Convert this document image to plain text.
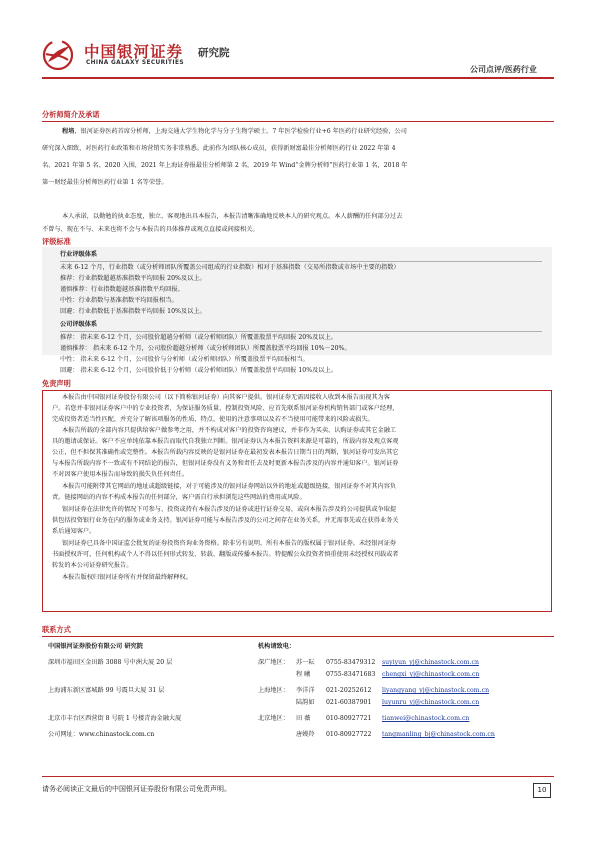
中国银河证券
CHINA GALAXY SECURITIES
研究院
公司点评/医药行业
分析师简介及承诺
程培，银河证券医药首席分析师，上海交通大学生物化学与分子生物学硕士。7 年医学检验行业+6 年医药行业研究经验，公司
研究深入细致，对医药行业政策和市场营销实务非常熟悉。此前作为团队核心成员，获得新财富最佳分析师医药行业 2022 年第 4
名、2021 年第 5 名、2020 入围，2021 年上海证券报最佳分析师第 2 名，2019 年 Wind“金牌分析师”医药行业第 1 名，2018 年
第一财经最佳分析师医药行业第 1 名等荣誉。
本人承诺，以勤勉的执业态度，独立、客观地出具本报告，本报告清晰准确地反映本人的研究观点。本人薪酬的任何部分过去
不曾与、现在不与、未来也将不会与本报告的具体推荐或观点直接或间接相关。
评级标准
行业评级体系
未来 6-12 个月，行业指数（或分析师团队所覆盖公司组成的行业指数）相对于基准指数（交易所指数或市场中主要的指数）
推荐：行业指数超越基准指数平均回报 20%及以上。
谨慎推荐：行业指数超越基准指数平均回报。
中性：行业指数与基准指数平均回报相当。
回避：行业指数低于基准指数平均回报 10%及以上。
公司评级体系
推荐： 指未来 6-12 个月，公司股价超越分析师（或分析师团队）所覆盖股票平均回报 20%及以上。
谨慎推荐： 指未来 6-12 个月，公司股价超越分析师（或分析师团队）所覆盖股票平均回报 10%－20%。
中性： 指未来 6-12 个月，公司股价与分析师（或分析师团队）所覆盖股票平均回报相当。
回避： 指未来 6-12 个月，公司股价低于分析师（或分析师团队）所覆盖股票平均回报 10%及以上。
免责声明
本报告由中国银河证券股份有限公司（以下简称银河证券）向其客户提供。银河证券无需因接收人收到本报告而视其为客
户。若您并非银河证券客户中的专业投资者，为保证服务质量、控制投资风险、应首先联系银河证券机构销售部门或客户经理，
完成投资者适当性匹配，并充分了解该项服务的性质、特点、使用的注意事项以及若不当使用可能带来的风险或损失。
本报告所载的全部内容只提供给客户做参考之用，并不构成对客户的投资咨询建议，并非作为买卖、认购证券或其它金融工
具的邀请或保证。客户不应单纯依靠本报告而取代自我独立判断。银河证券认为本报告资料来源是可靠的，所载内容及观点客观
公正，但不担保其准确性或完整性。本报告所载内容反映的是银河证券在最初发表本报告日期当日的判断，银河证券可发出其它
与本报告所载内容不一致或有不同结论的报告，但银河证券没有义务和责任去及时更新本报告涉及的内容并通知客户。银河证券
不对因客户使用本报告而导致的损失负任何责任。
本报告可能附带其它网站的地址或超级链接，对于可能涉及的银河证券网站以外的地址或超级链接，银河证券不对其内容负
责。链接网站的内容不构成本报告的任何部分，客户需自行承担浏览这些网站的费用或风险。
银河证券在法律允许的情况下可参与、投资或持有本报告涉及的证券或进行证券交易，或向本报告涉及的公司提供或争取提
供包括投资银行业务在内的服务或业务支持。银河证券可能与本报告涉及的公司之间存在业务关系，并无需事先或在获得业务关
系后通知客户。
银河证券已具备中国证监会批复的证券投资咨询业务资格。除非另有说明，所有本报告的版权属于银河证券。未经银河证券
书面授权许可，任何机构或个人不得以任何形式转发、转载、翻版或传播本报告。特提醒公众投资者慎重使用未经授权刊载或者
转发的本公司证券研究报告。
本报告版权归银河证券所有并保留最终解释权。
联系方式
中国银河证券股份有限公司 研究院	机构请致电：
深圳市福田区金田路 3088 号中洲大厦 20 层
上海浦东新区富城路 99 号震旦大厦 31 层
北京市丰台区西营街 8 号院 1 号楼青海金融大厦
公司网址：www.chinastock.com.cn
深广地区： 苏一耘 0755-83479312 suyiyun_yj@chinastock.com.cn
程 曦	0755-83471683 chengxi_yj@chinastock.com.cn
上海地区： 李洋洋 021-20252612 liyangyang_yj@chinastock.com.cn
陆韵如 021-60387901 luyunru_yj@chinastock.com.cn
北京地区： 田 薇	010-80927721 tianwei@chinastock.com.cn
唐嫚羚 010-80927722 tangmanling_bj@chinastock.com.cn
请务必阅读正文最后的中国银河证券股份有限公司免责声明。	10
